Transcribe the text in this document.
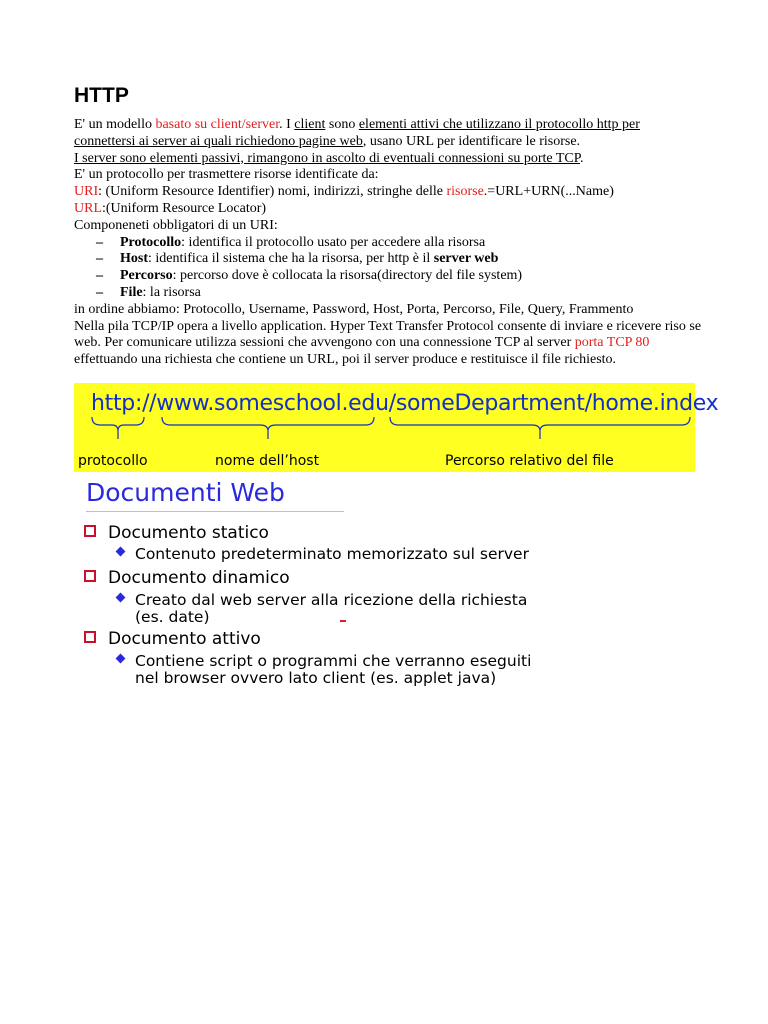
HTTP
E' un modello basato su client/server. I client sono elementi attivi che utilizzano il protocollo http per connettersi ai server ai quali richiedono pagine web, usano URL per identificare le risorse.
I server sono elementi passivi, rimangono in ascolto di eventuali connessioni su porte TCP.
E' un protocollo per trasmettere risorse identificate da:
URI: (Uniform Resource Identifier) nomi, indirizzi, stringhe delle risorse.=URL+URN(...Name)
URL:(Uniform Resource Locator)
Componeneti obbligatori di un URI:
– Protocollo: identifica il protocollo usato per accedere alla risorsa
– Host: identifica il sistema che ha la risorsa, per http è il server web
– Percorso: percorso dove è collocata la risorsa(directory del file system)
– File: la risorsa
in ordine abbiamo: Protocollo, Username, Password, Host, Porta, Percorso, File, Query, Frammento
Nella pila TCP/IP opera a livello application. Hyper Text Transfer Protocol consente di inviare e ricevere riso se web. Per comunicare utilizza sessioni che avvengono con una connessione TCP al server porta TCP 80 effettuando una richiesta che contiene un URL, poi il server produce e restituisce il file richiesto.
http://www.someschool.edu/someDepartment/home.index
protocollo	nome dell’host	Percorso relativo del file
Documenti Web
Documento statico
Contenuto predeterminato memorizzato sul server
Documento dinamico
Creato dal web server alla ricezione della richiesta
(es. date)
Documento attivo
Contiene script o programmi che verranno eseguiti
nel browser ovvero lato client (es. applet java)
